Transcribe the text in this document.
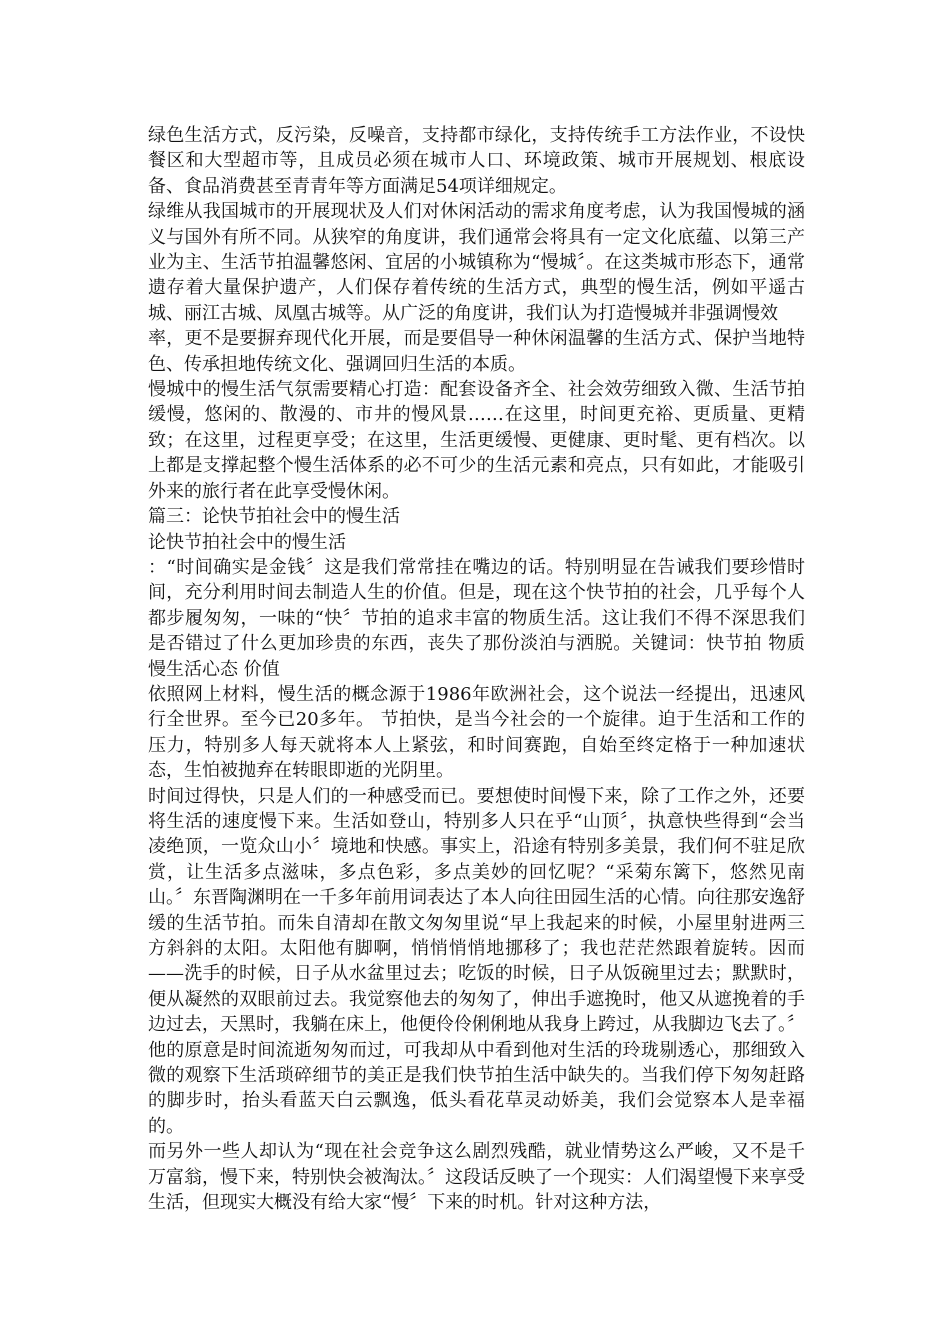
绿色生活方式，反污染，反噪音，支持都市绿化，支持传统手工方法作业，不设快餐区和大型超市等，且成员必须在城市人口、环境政策、城市开展规划、根底设备、食品消费甚至青青年等方面满足54项详细规定。

绿维从我国城市的开展现状及人们对休闲活动的需求角度考虑，认为我国慢城的涵义与国外有所不同。从狭窄的角度讲，我们通常会将具有一定文化底蕴、以第三产业为主、生活节拍温馨悠闲、宜居的小城镇称为“慢城〞。在这类城市形态下，通常遗存着大量保护遗产，人们保存着传统的生活方式，典型的慢生活，例如平遥古城、丽江古城、凤凰古城等。从广泛的角度讲，我们认为打造慢城并非强调慢效

率，更不是要摒弃现代化开展，而是要倡导一种休闲温馨的生活方式、保护当地特色、传承担地传统文化、强调回归生活的本质。

慢城中的慢生活气氛需要精心打造：配套设备齐全、社会效劳细致入微、生活节拍缓慢，悠闲的、散漫的、市井的慢风景……在这里，时间更充裕、更质量、更精致；在这里，过程更享受；在这里，生活更缓慢、更健康、更时髦、更有档次。以上都是支撑起整个慢生活体系的必不可少的生活元素和亮点，只有如此，才能吸引外来的旅行者在此享受慢休闲。

篇三：论快节拍社会中的慢生活

论快节拍社会中的慢生活

：“时间确实是金钱〞这是我们常常挂在嘴边的话。特别明显在告诫我们要珍惜时间，充分利用时间去制造人生的价值。但是，现在这个快节拍的社会，几乎每个人都步履匆匆，一味的“快〞节拍的追求丰富的物质生活。这让我们不得不深思我们是否错过了什么更加珍贵的东西，丧失了那份淡泊与洒脱。关键词：快节拍 物质 慢生活心态 价值

依照网上材料，慢生活的概念源于1986年欧洲社会，这个说法一经提出，迅速风行全世界。至今已20多年。 节拍快，是当今社会的一个旋律。迫于生活和工作的压力，特别多人每天就将本人上紧弦，和时间赛跑，自始至终定格于一种加速状态，生怕被抛弃在转眼即逝的光阴里。

时间过得快，只是人们的一种感受而已。要想使时间慢下来，除了工作之外，还要将生活的速度慢下来。生活如登山，特别多人只在乎“山顶〞，执意快些得到“会当凌绝顶，一览众山小〞境地和快感。事实上，沿途有特别多美景，我们何不驻足欣赏，让生活多点滋味，多点色彩，多点美妙的回忆呢？“采菊东篱下，悠然见南山。〞东晋陶渊明在一千多年前用词表达了本人向往田园生活的心情。向往那安逸舒缓的生活节拍。而朱自清却在散文匆匆里说“早上我起来的时候，小屋里射进两三方斜斜的太阳。太阳他有脚啊，悄悄悄悄地挪移了；我也茫茫然跟着旋转。因而——洗手的时候，日子从水盆里过去；吃饭的时候，日子从饭碗里过去；默默时，便从凝然的双眼前过去。我觉察他去的匆匆了，伸出手遮挽时，他又从遮挽着的手边过去，天黑时，我躺在床上，他便伶伶俐俐地从我身上跨过，从我脚边飞去了。〞他的原意是时间流逝匆匆而过，可我却从中看到他对生活的玲珑剔透心，那细致入微的观察下生活琐碎细节的美正是我们快节拍生活中缺失的。当我们停下匆匆赶路的脚步时，抬头看蓝天白云飘逸，低头看花草灵动娇美，我们会觉察本人是幸福的。

而另外一些人却认为“现在社会竞争这么剧烈残酷，就业情势这么严峻，又不是千万富翁，慢下来，特别快会被淘汰。〞这段话反映了一个现实：人们渴望慢下来享受生活，但现实大概没有给大家“慢〞下来的时机。针对这种方法，
